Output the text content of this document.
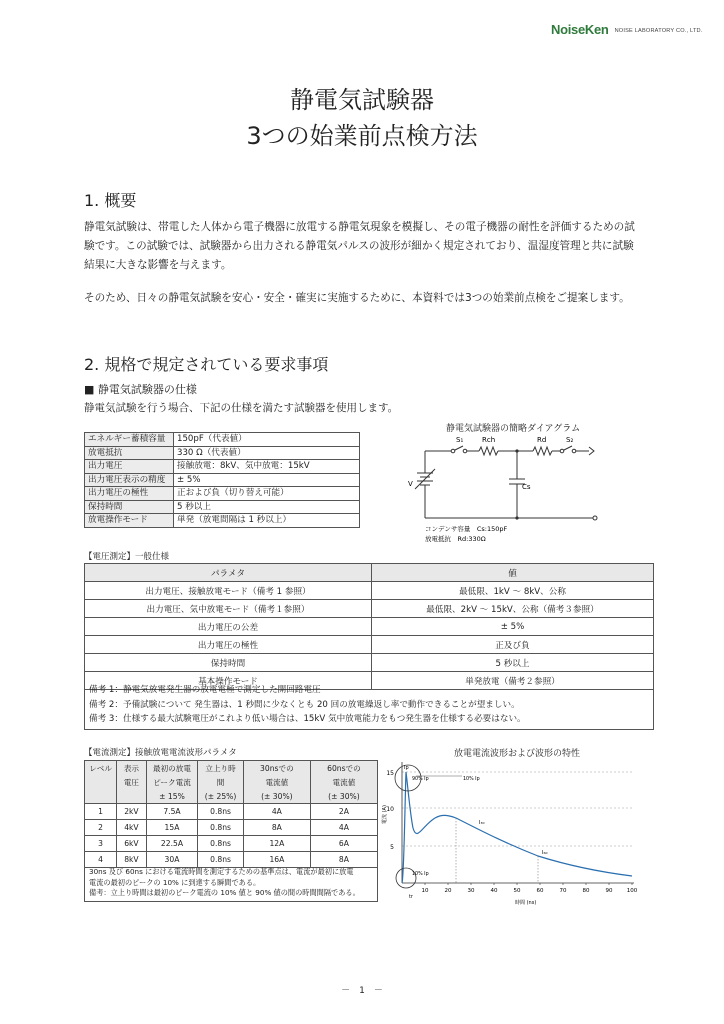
NoiseKen NOISE LABORATORY CO., LTD.
静電気試験器
3つの始業前点検方法
1. 概要
静電気試験は、帯電した人体から電子機器に放電する静電気現象を模擬し、その電子機器の耐性を評価するための試
験です。この試験では、試験器から出力される静電気パルスの波形が細かく規定されており、温湿度管理と共に試験
結果に大きな影響を与えます。
そのため、日々の静電気試験を安心・安全・確実に実施するために、本資料では3つの始業前点検をご提案します。
2. 規格で規定されている要求事項
■ 静電気試験器の仕様
静電気試験を行う場合、下記の仕様を満たす試験器を使用します。
エネルギー蓄積容量	150pF（代表値）
放電抵抗	330 Ω（代表値）
出力電圧	接触放電：8kV、気中放電：15kV
出力電圧表示の精度	± 5%
出力電圧の極性	正および負（切り替え可能）
保持時間	5 秒以上
放電操作モード	単発（放電間隔は 1 秒以上）
静電気試験器の簡略ダイアグラム
S₁	Rch	Rd	S₂
V	Cs
コンデンサ容量　Cs:150pF
放電抵抗　Rd:330Ω
【電圧測定】一般仕様
パラメタ	値
出力電圧、接触放電モード（備考 1 参照）	最低限、1kV ～ 8kV、公称
出力電圧、気中放電モード（備考１参照）	最低限、2kV ～ 15kV、公称（備考３参照）
出力電圧の公差	± 5%
出力電圧の極性	正及び負
保持時間	5 秒以上
基本操作モード	単発放電（備考２参照）
備考 1：静電気放電発生器の放電電極で測定した開回路電圧
備考 2：予備試験について 発生器は、1 秒間に少なくとも 20 回の放電繰返し率で動作できることが望ましい。
備考 3：仕様する最大試験電圧がこれより低い場合は、15kV 気中放電能力をもつ発生器を仕様する必要はない。
【電流測定】接触放電電流波形パラメタ
レベル	表示	最初の放電	立上り時	30nsでの	60nsでの
	電圧	ピーク電流	間	電流値	電流値
		± 15%	(± 25%)	(± 30%)	(± 30%)
1	2kV	7.5A	0.8ns	4A	2A
2	4kV	15A	0.8ns	8A	4A
3	6kV	22.5A	0.8ns	12A	6A
4	8kV	30A	0.8ns	16A	8A
30ns 及び 60ns における電流時間を測定するための基準点は、電流が最初に放電
電流の最初のピークの 10% に到達する瞬間である。
備考：立上り時間は最初のピーク電流の 10% 値と 90% 値の間の時間間隔である。
放電電流波形および波形の特性
15
10
5
電流 (A)
10	20	30	40	50	60	70	80	90	100
時間 (ns)
Ip
90% Ip	10% Ip
I₃₀
I₆₀
10% Ip
tr
－　1　－
